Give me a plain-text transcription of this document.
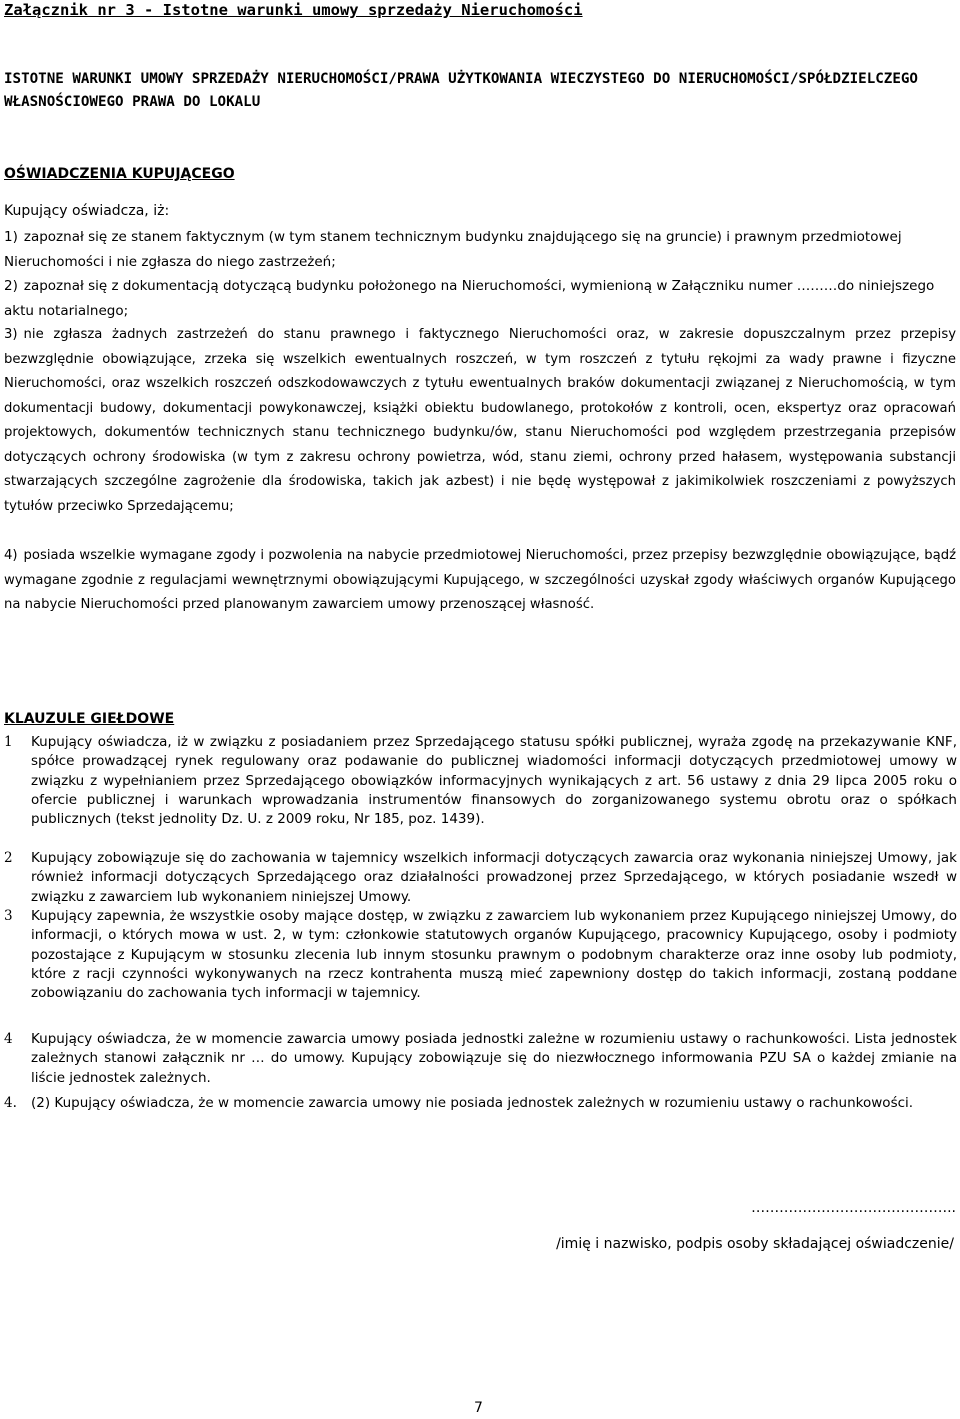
Załącznik nr 3 - Istotne warunki umowy sprzedaży Nieruchomości
ISTOTNE WARUNKI UMOWY SPRZEDAŻY NIERUCHOMOŚCI/PRAWA UŻYTKOWANIA WIECZYSTEGO DO NIERUCHOMOŚCI/SPÓŁDZIELCZEGO WŁASNOŚCIOWEGO PRAWA DO LOKALU
OŚWIADCZENIA KUPUJĄCEGO
Kupujący oświadcza, iż:

1) zapoznał się ze stanem faktycznym (w tym stanem technicznym budynku znajdującego się na gruncie) i prawnym przedmiotowej Nieruchomości i nie zgłasza do niego zastrzeżeń;

2) zapoznał się z dokumentacją dotyczącą budynku położonego na Nieruchomości, wymienioną w Załączniku numer ………do niniejszego aktu notarialnego;

3) nie zgłasza żadnych zastrzeżeń do stanu prawnego i faktycznego Nieruchomości oraz, w zakresie dopuszczalnym przez przepisy bezwzględnie obowiązujące, zrzeka się wszelkich ewentualnych roszczeń, w tym roszczeń z tytułu rękojmi za wady prawne i fizyczne Nieruchomości, oraz wszelkich roszczeń odszkodowawczych z tytułu ewentualnych braków dokumentacji związanej z Nieruchomością, w tym dokumentacji budowy, dokumentacji powykonawczej, książki obiektu budowlanego, protokołów z kontroli, ocen, ekspertyz oraz opracowań projektowych, dokumentów technicznych stanu technicznego budynku/ów, stanu Nieruchomości pod względem przestrzegania przepisów dotyczących ochrony środowiska (w tym z zakresu ochrony powietrza, wód, stanu ziemi, ochrony przed hałasem, występowania substancji stwarzających szczególne zagrożenie dla środowiska, takich jak azbest) i nie będę występował z jakimikolwiek roszczeniami z powyższych tytułów przeciwko Sprzedającemu;

4) posiada wszelkie wymagane zgody i pozwolenia na nabycie przedmiotowej Nieruchomości, przez przepisy bezwzględnie obowiązujące, bądź wymagane zgodnie z regulacjami wewnętrznymi obowiązującymi Kupującego, w szczególności uzyskał zgody właściwych organów Kupującego na nabycie Nieruchomości przed planowanym zawarciem umowy przenoszącej własność.

KLAUZULE GIEŁDOWE
1 Kupujący oświadcza, iż w związku z posiadaniem przez Sprzedającego statusu spółki publicznej, wyraża zgodę na przekazywanie KNF, spółce prowadzącej rynek regulowany oraz podawanie do publicznej wiadomości informacji dotyczących przedmiotowej umowy w związku z wypełnianiem przez Sprzedającego obowiązków informacyjnych wynikających z art. 56 ustawy z dnia 29 lipca 2005 roku o ofercie publicznej i warunkach wprowadzania instrumentów finansowych do zorganizowanego systemu obrotu oraz o spółkach publicznych (tekst jednolity Dz. U. z 2009 roku, Nr 185, poz. 1439).
2 Kupujący zobowiązuje się do zachowania w tajemnicy wszelkich informacji dotyczących zawarcia oraz wykonania niniejszej Umowy, jak również informacji dotyczących Sprzedającego oraz działalności prowadzonej przez Sprzedającego, w których posiadanie wszedł w związku z zawarciem lub wykonaniem niniejszej Umowy.
3 Kupujący zapewnia, że wszystkie osoby mające dostęp, w związku z zawarciem lub wykonaniem przez Kupującego niniejszej Umowy, do informacji, o których mowa w ust. 2, w tym: członkowie statutowych organów Kupującego, pracownicy Kupującego, osoby i podmioty pozostające z Kupującym w stosunku zlecenia lub innym stosunku prawnym o podobnym charakterze oraz inne osoby lub podmioty, które z racji czynności wykonywanych na rzecz kontrahenta muszą mieć zapewniony dostęp do takich informacji, zostaną poddane zobowiązaniu do zachowania tych informacji w tajemnicy.
4 Kupujący oświadcza, że w momencie zawarcia umowy posiada jednostki zależne w rozumieniu ustawy o rachunkowości. Lista jednostek zależnych stanowi załącznik nr … do umowy. Kupujący zobowiązuje się do niezwłocznego informowania PZU SA o każdej zmianie na liście jednostek zależnych.
4. (2) Kupujący oświadcza, że w momencie zawarcia umowy nie posiada jednostek zależnych w rozumieniu ustawy o rachunkowości.
……………………………………..
/imię i nazwisko, podpis osoby składającej oświadczenie/
7
